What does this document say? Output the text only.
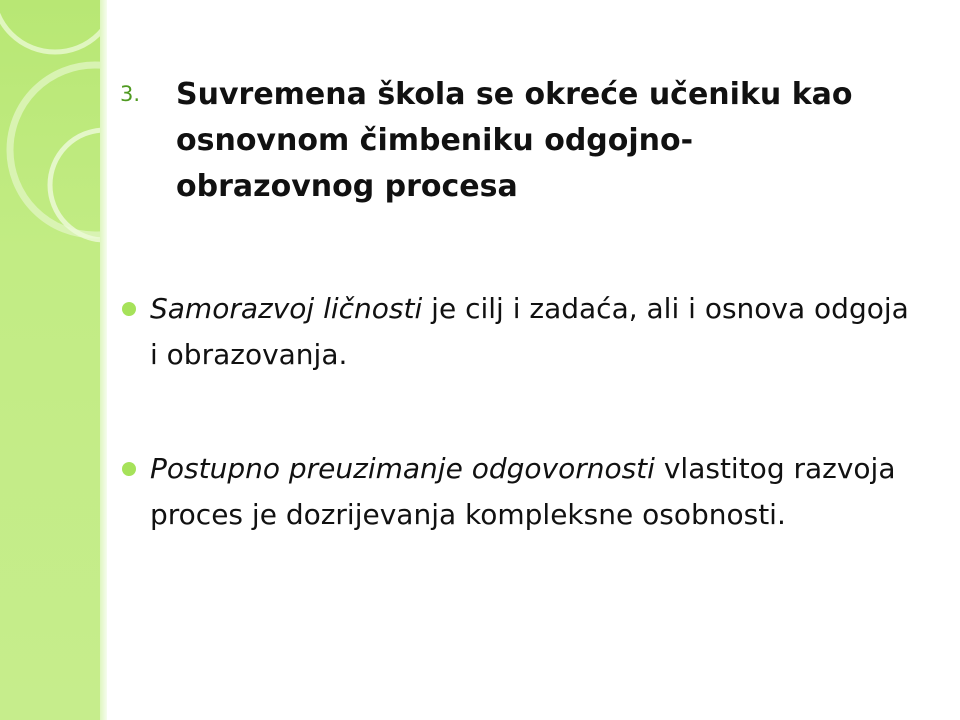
3.	Suvremena škola se okreće učeniku kao osnovnom čimbeniku odgojno-obrazovnog procesa
Samorazvoj ličnosti je cilj i zadaća, ali i osnova odgoja i obrazovanja.
Postupno preuzimanje odgovornosti vlastitog razvoja proces je dozrijevanja kompleksne osobnosti.
